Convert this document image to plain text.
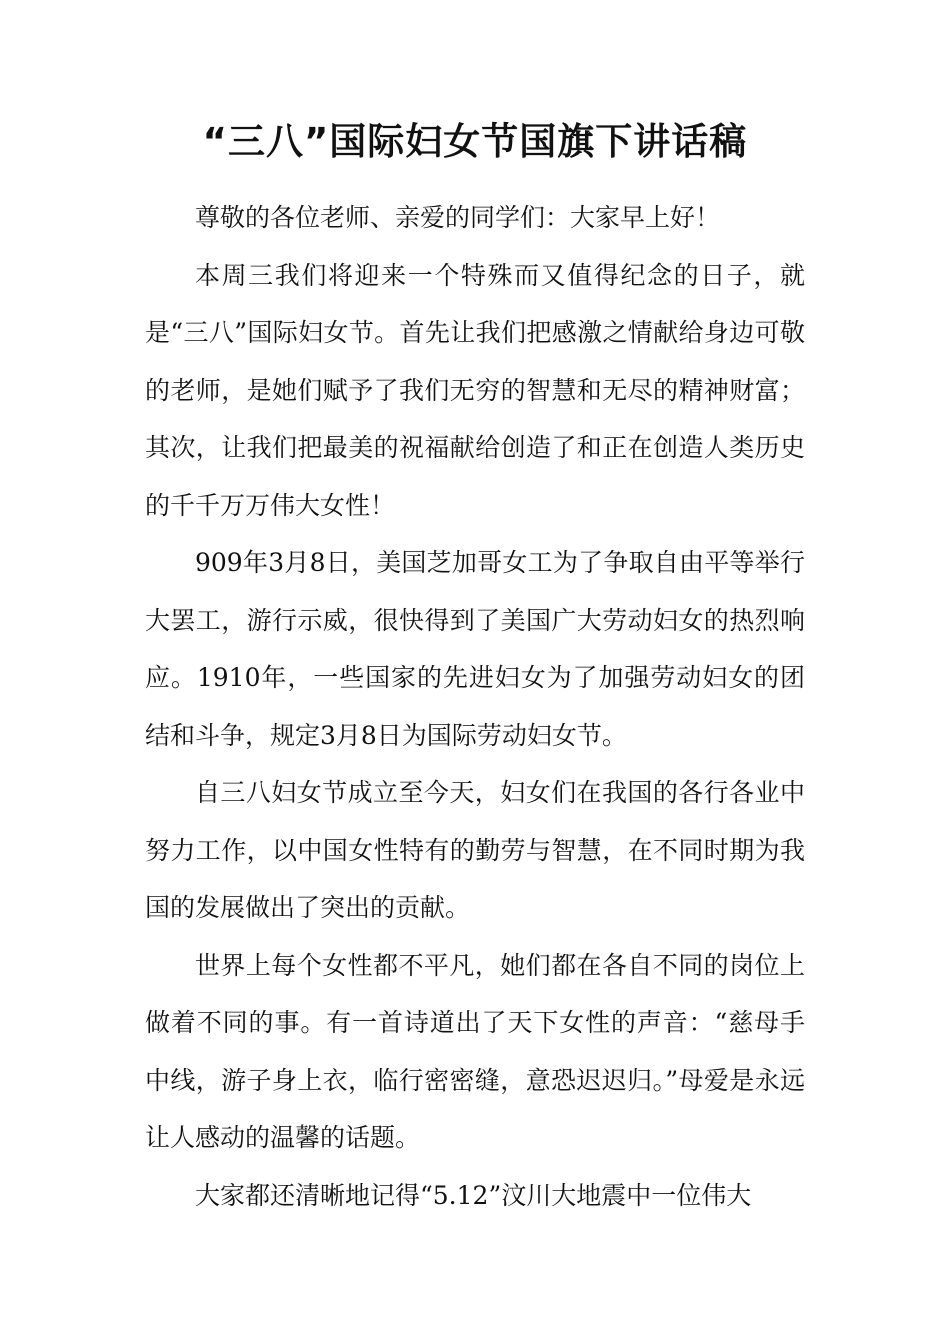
“三八”国际妇女节国旗下讲话稿

尊敬的各位老师、亲爱的同学们：大家早上好！

本周三我们将迎来一个特殊而又值得纪念的日子，就是“三八”国际妇女节。首先让我们把感激之情献给身边可敬的老师，是她们赋予了我们无穷的智慧和无尽的精神财富；其次，让我们把最美的祝福献给创造了和正在创造人类历史的千千万万伟大女性！

909年3月8日，美国芝加哥女工为了争取自由平等举行大罢工，游行示威，很快得到了美国广大劳动妇女的热烈响应。1910年，一些国家的先进妇女为了加强劳动妇女的团结和斗争，规定3月8日为国际劳动妇女节。

自三八妇女节成立至今天，妇女们在我国的各行各业中努力工作，以中国女性特有的勤劳与智慧，在不同时期为我国的发展做出了突出的贡献。

世界上每个女性都不平凡，她们都在各自不同的岗位上做着不同的事。有一首诗道出了天下女性的声音：“慈母手中线，游子身上衣，临行密密缝，意恐迟迟归。”母爱是永远让人感动的温馨的话题。

大家都还清晰地记得“5.12”汶川大地震中一位伟大
